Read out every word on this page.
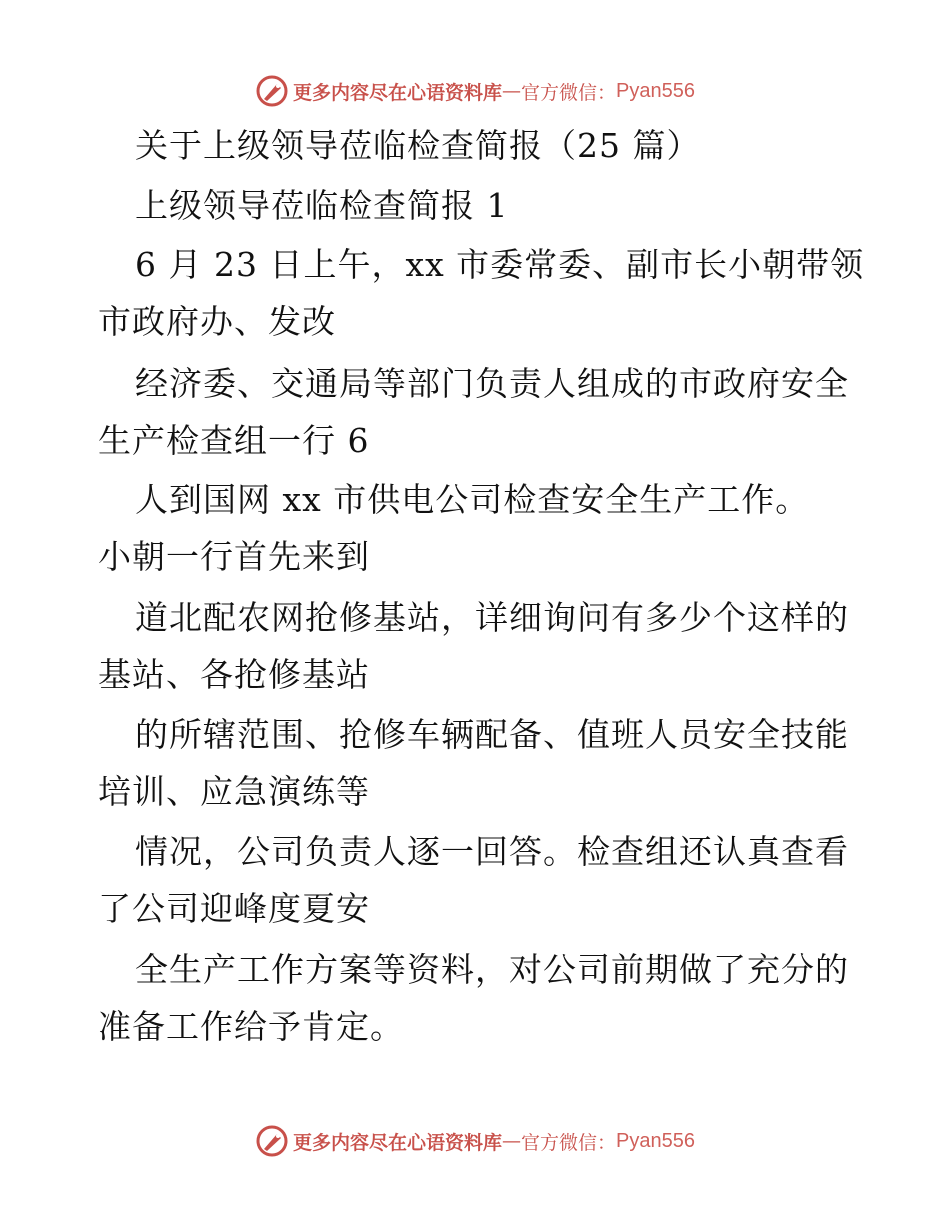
更多内容尽在心语资料库 — 官方微信： Pyan556
关于上级领导莅临检查简报（25 篇）
上级领导莅临检查简报 1
6 月 23 日上午，xx 市委常委、副市长小朝带领
市政府办、发改
经济委、交通局等部门负责人组成的市政府安全
生产检查组一行 6
人到国网 xx 市供电公司检查安全生产工作。
小朝一行首先来到
道北配农网抢修基站，详细询问有多少个这样的
基站、各抢修基站
的所辖范围、抢修车辆配备、值班人员安全技能
培训、应急演练等
情况，公司负责人逐一回答。检查组还认真查看
了公司迎峰度夏安
全生产工作方案等资料，对公司前期做了充分的
准备工作给予肯定。
更多内容尽在心语资料库 — 官方微信： Pyan556
